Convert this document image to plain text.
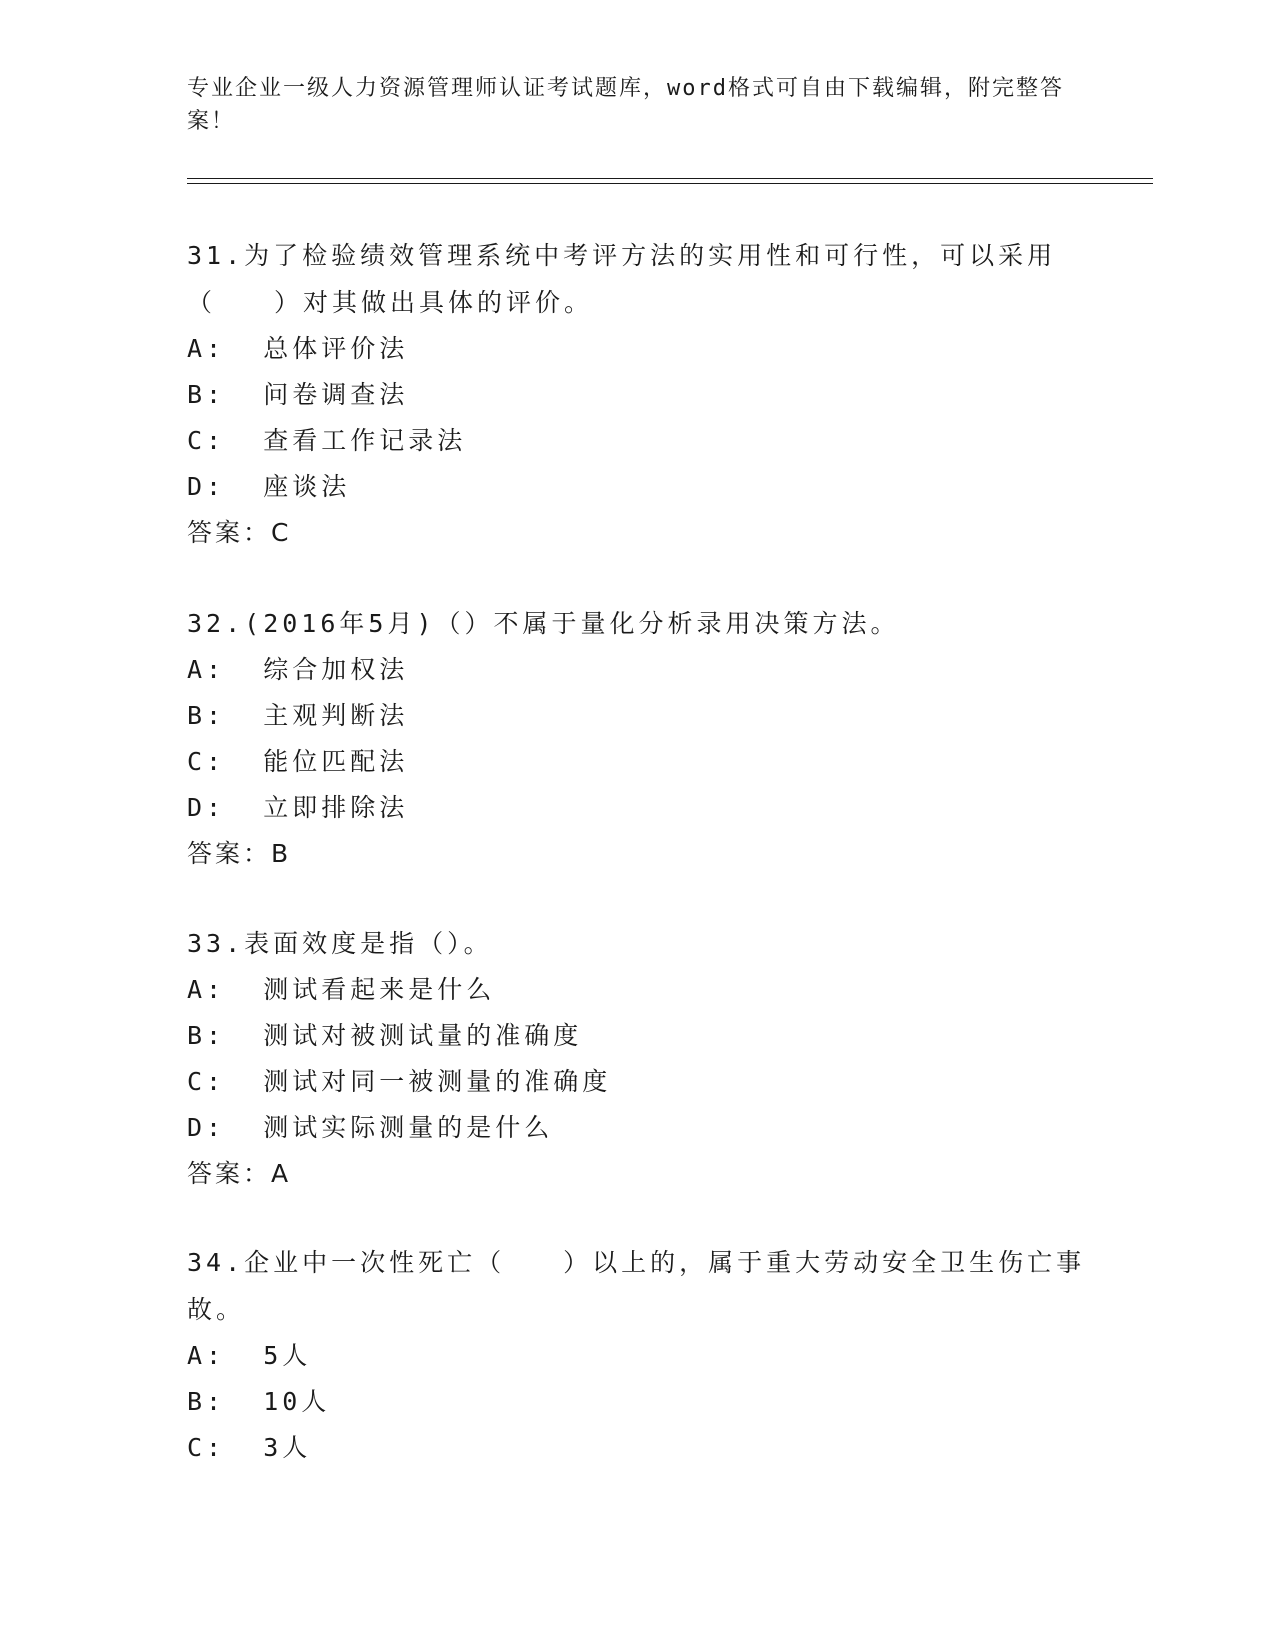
专业企业一级人力资源管理师认证考试题库，word格式可自由下载编辑，附完整答案！

31.为了检验绩效管理系统中考评方法的实用性和可行性，可以采用（　　）对其做出具体的评价。

A:  总体评价法

B:  问卷调查法

C:  查看工作记录法

D:  座谈法

答案：C

32.(2016年5月)（）不属于量化分析录用决策方法。

A:  综合加权法

B:  主观判断法

C:  能位匹配法

D:  立即排除法

答案：B

33.表面效度是指（）。

A:  测试看起来是什么

B:  测试对被测试量的准确度

C:  测试对同一被测量的准确度

D:  测试实际测量的是什么

答案：A

34.企业中一次性死亡（　　）以上的，属于重大劳动安全卫生伤亡事故。

A:  5人

B:  10人

C:  3人
